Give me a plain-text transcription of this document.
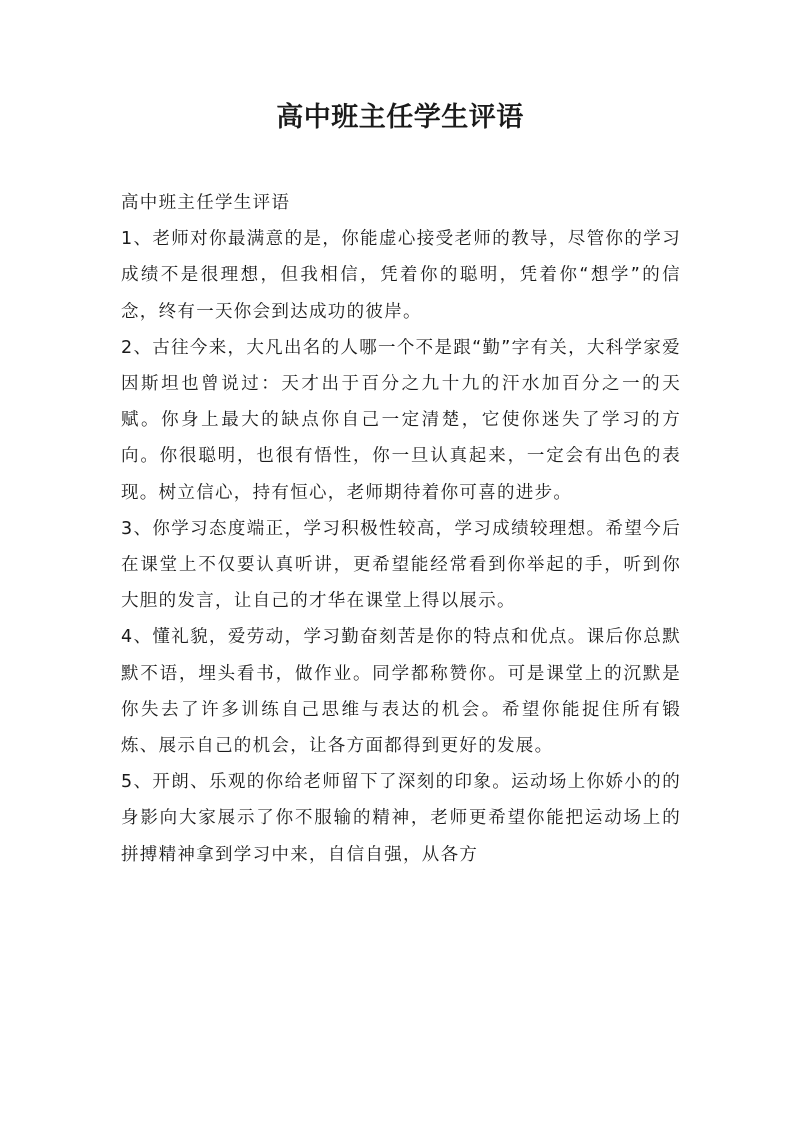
高中班主任学生评语

高中班主任学生评语

1、老师对你最满意的是，你能虚心接受老师的教导，尽管你的学习成绩不是很理想，但我相信，凭着你的聪明，凭着你“想学”的信念，终有一天你会到达成功的彼岸。

2、古往今来，大凡出名的人哪一个不是跟“勤”字有关，大科学家爱因斯坦也曾说过：天才出于百分之九十九的汗水加百分之一的天赋。你身上最大的缺点你自己一定清楚，它使你迷失了学习的方向。你很聪明，也很有悟性，你一旦认真起来，一定会有出色的表现。树立信心，持有恒心，老师期待着你可喜的进步。

3、你学习态度端正，学习积极性较高，学习成绩较理想。希望今后在课堂上不仅要认真听讲，更希望能经常看到你举起的手，听到你大胆的发言，让自己的才华在课堂上得以展示。

4、懂礼貌，爱劳动，学习勤奋刻苦是你的特点和优点。课后你总默默不语，埋头看书，做作业。同学都称赞你。可是课堂上的沉默是你失去了许多训练自己思维与表达的机会。希望你能捉住所有锻炼、展示自己的机会，让各方面都得到更好的发展。

5、开朗、乐观的你给老师留下了深刻的印象。运动场上你娇小的的身影向大家展示了你不服输的精神，老师更希望你能把运动场上的拼搏精神拿到学习中来，自信自强，从各方
